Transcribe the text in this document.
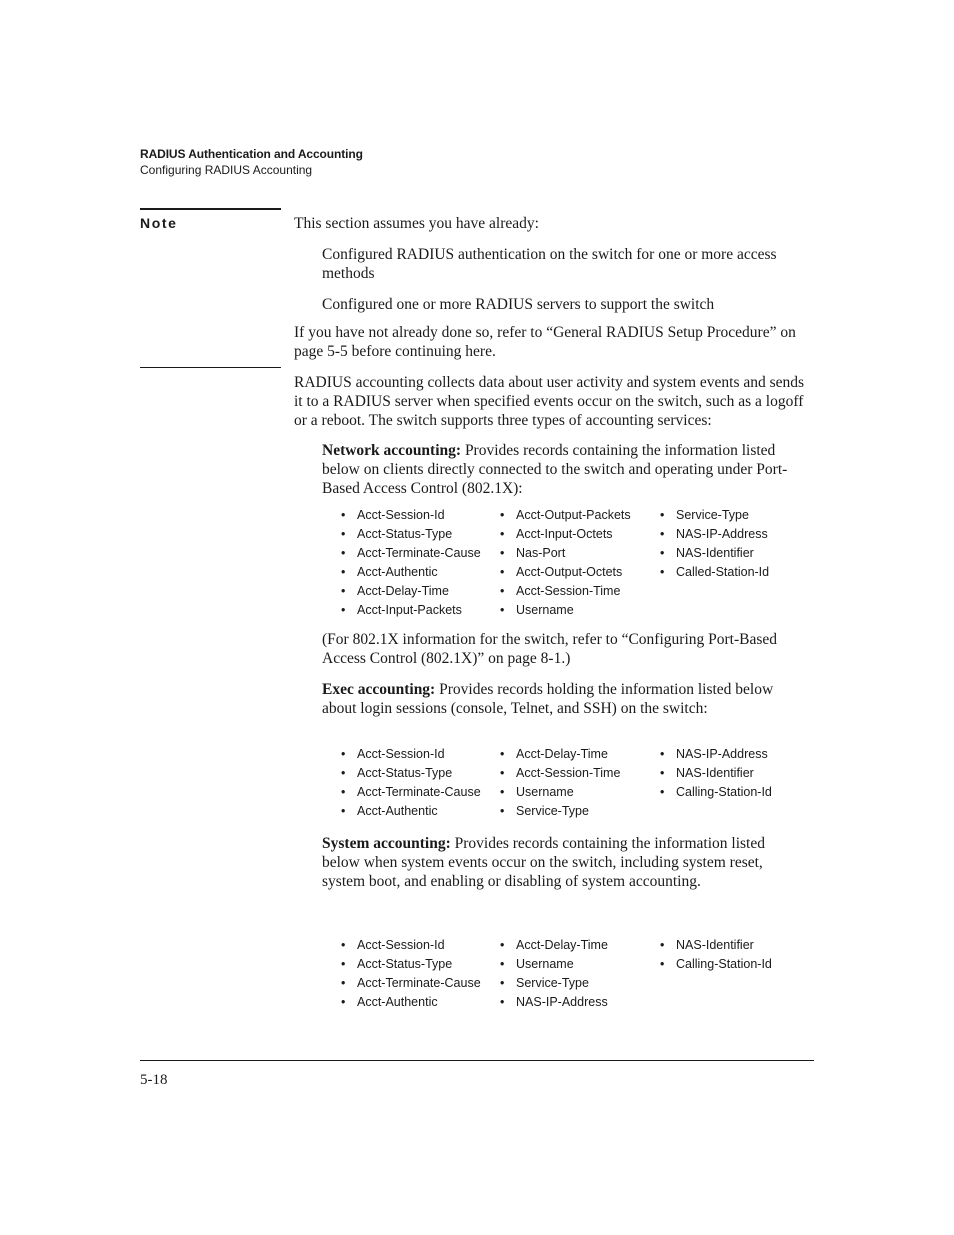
RADIUS Authentication and Accounting
Configuring RADIUS Accounting
Note	This section assumes you have already:

Configured RADIUS authentication on the switch for one or more access methods

Configured one or more RADIUS servers to support the switch

If you have not already done so, refer to “General RADIUS Setup Procedure” on page 5-5 before continuing here.

RADIUS accounting collects data about user activity and system events and sends it to a RADIUS server when specified events occur on the switch, such as a logoff or a reboot. The switch supports three types of accounting services:

Network accounting: Provides records containing the information listed below on clients directly connected to the switch and operating under Port-Based Access Control (802.1X):

• Acct-Session-Id
• Acct-Status-Type
• Acct-Terminate-Cause
• Acct-Authentic
• Acct-Delay-Time
• Acct-Input-Packets
• Acct-Output-Packets
• Acct-Input-Octets
• Nas-Port
• Acct-Output-Octets
• Acct-Session-Time
• Username
• Service-Type
• NAS-IP-Address
• NAS-Identifier
• Called-Station-Id

(For 802.1X information for the switch, refer to “Configuring Port-Based Access Control (802.1X)” on page 8-1.)

Exec accounting: Provides records holding the information listed below about login sessions (console, Telnet, and SSH) on the switch:

• Acct-Session-Id
• Acct-Status-Type
• Acct-Terminate-Cause
• Acct-Authentic
• Acct-Delay-Time
• Acct-Session-Time
• Username
• Service-Type
• NAS-IP-Address
• NAS-Identifier
• Calling-Station-Id

System accounting: Provides records containing the information listed below when system events occur on the switch, including system reset, system boot, and enabling or disabling of system accounting.

• Acct-Session-Id
• Acct-Status-Type
• Acct-Terminate-Cause
• Acct-Authentic
• Acct-Delay-Time
• Username
• Service-Type
• NAS-IP-Address
• NAS-Identifier
• Calling-Station-Id
5-18
